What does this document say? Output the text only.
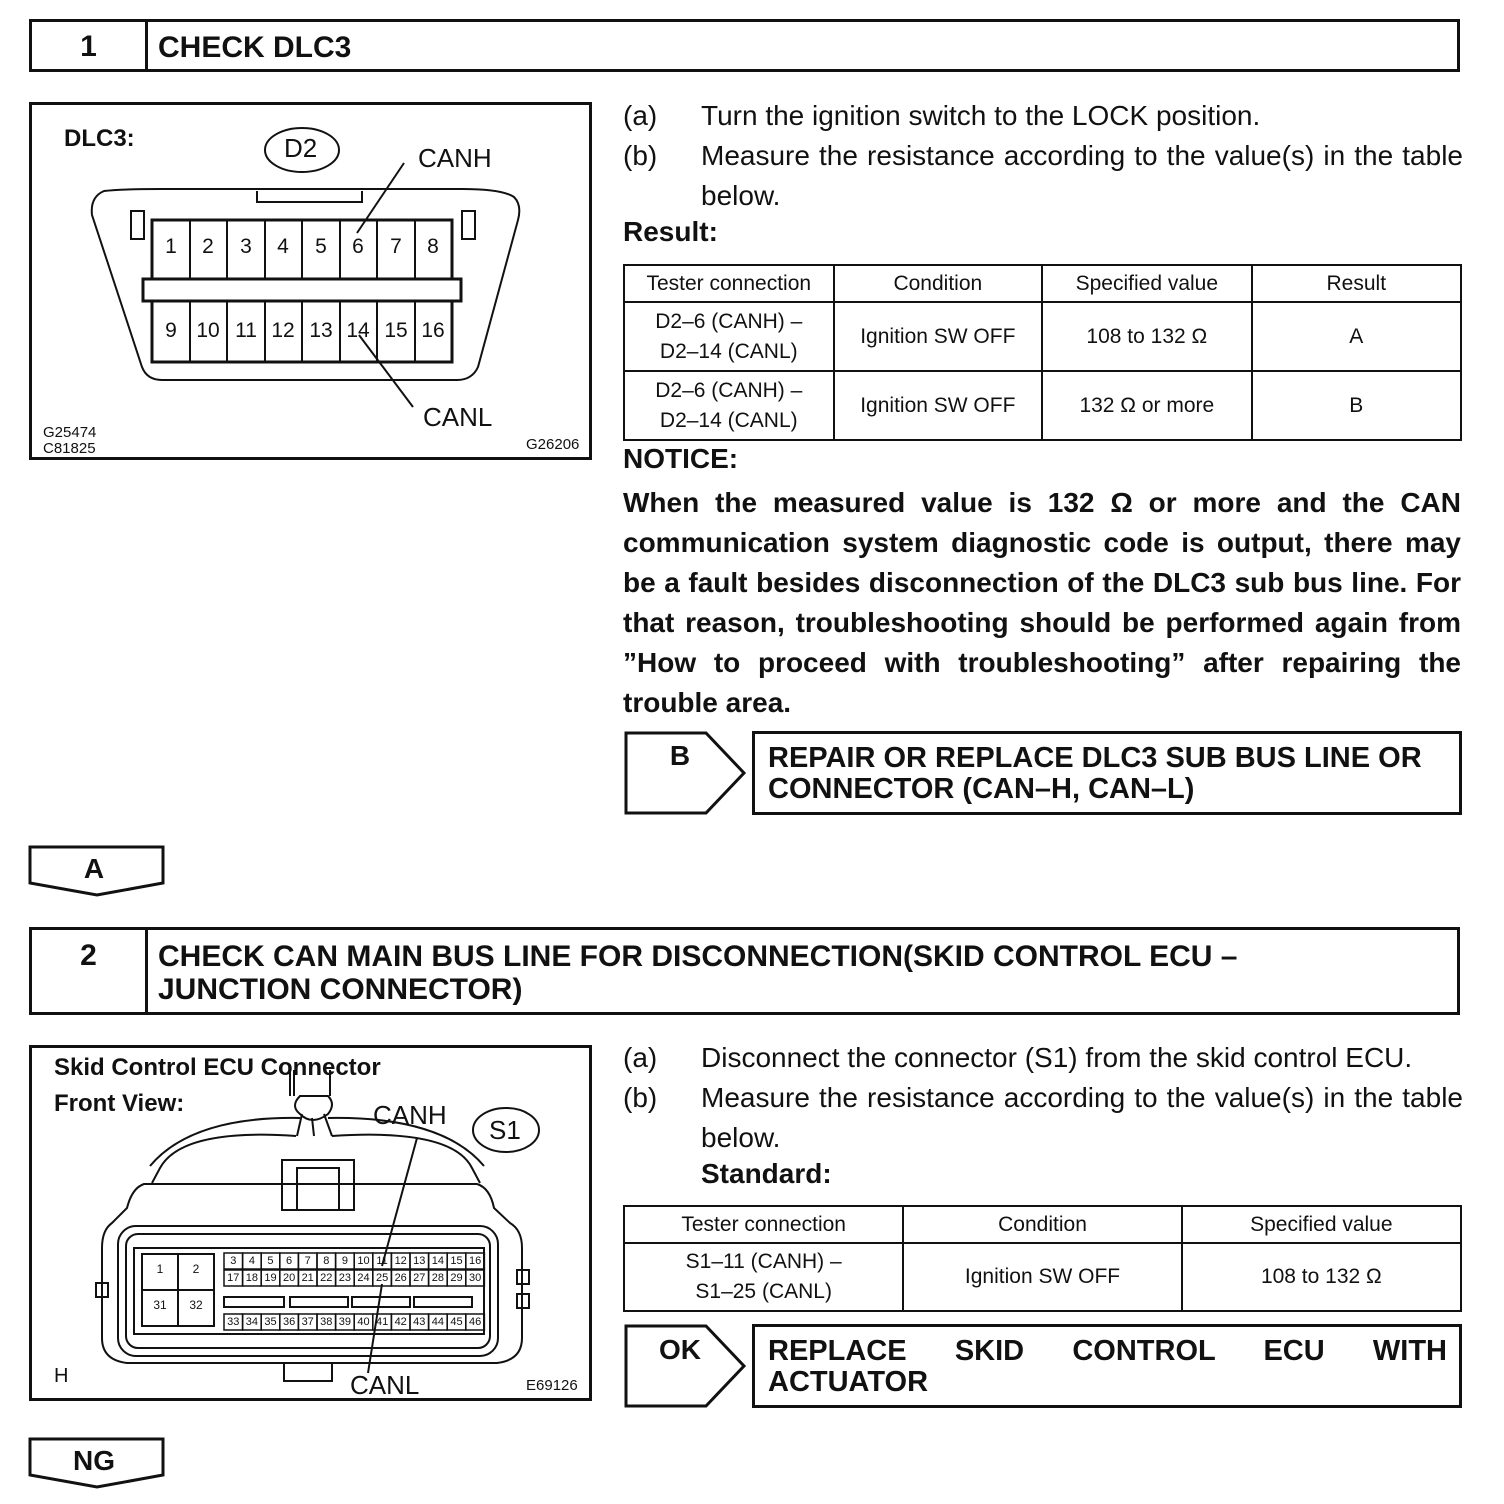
1	CHECK DLC3
DLC3:	D2	CANH
CANL
G25474
C81825	G26206
1	2	3	4	5	6	7	8
9 10 11 12 13 14 15 16
(a)	Turn the ignition switch to the LOCK position.
(b)	Measure the resistance according to the value(s) in the table below.
Result:
Tester connection	Condition	Specified value	Result
D2–6 (CANH) –
D2–14 (CANL)	Ignition SW OFF	108 to 132 Ω	A
D2–6 (CANH) –
D2–14 (CANL)	Ignition SW OFF	132 Ω or more	B
NOTICE:
When the measured value is 132 Ω or more and the CAN communication system diagnostic code is output, there may be a fault besides disconnection of the DLC3 sub bus line. For that reason, troubleshooting should be performed again from ”How to proceed with troubleshooting” after repairing the trouble area.
B	REPAIR OR REPLACE DLC3 SUB BUS LINE OR
CONNECTOR (CAN–H, CAN–L)
A
2	CHECK CAN MAIN BUS LINE FOR DISCONNECTION(SKID CONTROL ECU –
JUNCTION CONNECTOR)
Skid Control ECU Connector
Front View:	CANH S1
CANL
H	E69126
3	4	5	6	7	8	9 10 11 12 13 14 15 16
17 18 19 20 21 22 23 24 25 26 27 28 29 30
33 34 35 36 37 38 39 40 41 42 43 44 45 46
1	2
31	32
(a)	Disconnect the connector (S1) from the skid control ECU.
(b)	Measure the resistance according to the value(s) in the table below.
Standard:
Tester connection	Condition	Specified value
S1–11 (CANH) –
S1–25 (CANL)	Ignition SW OFF	108 to 132 Ω
OK	REPLACE SKID CONTROL ECU WITH
ACTUATOR
NG
